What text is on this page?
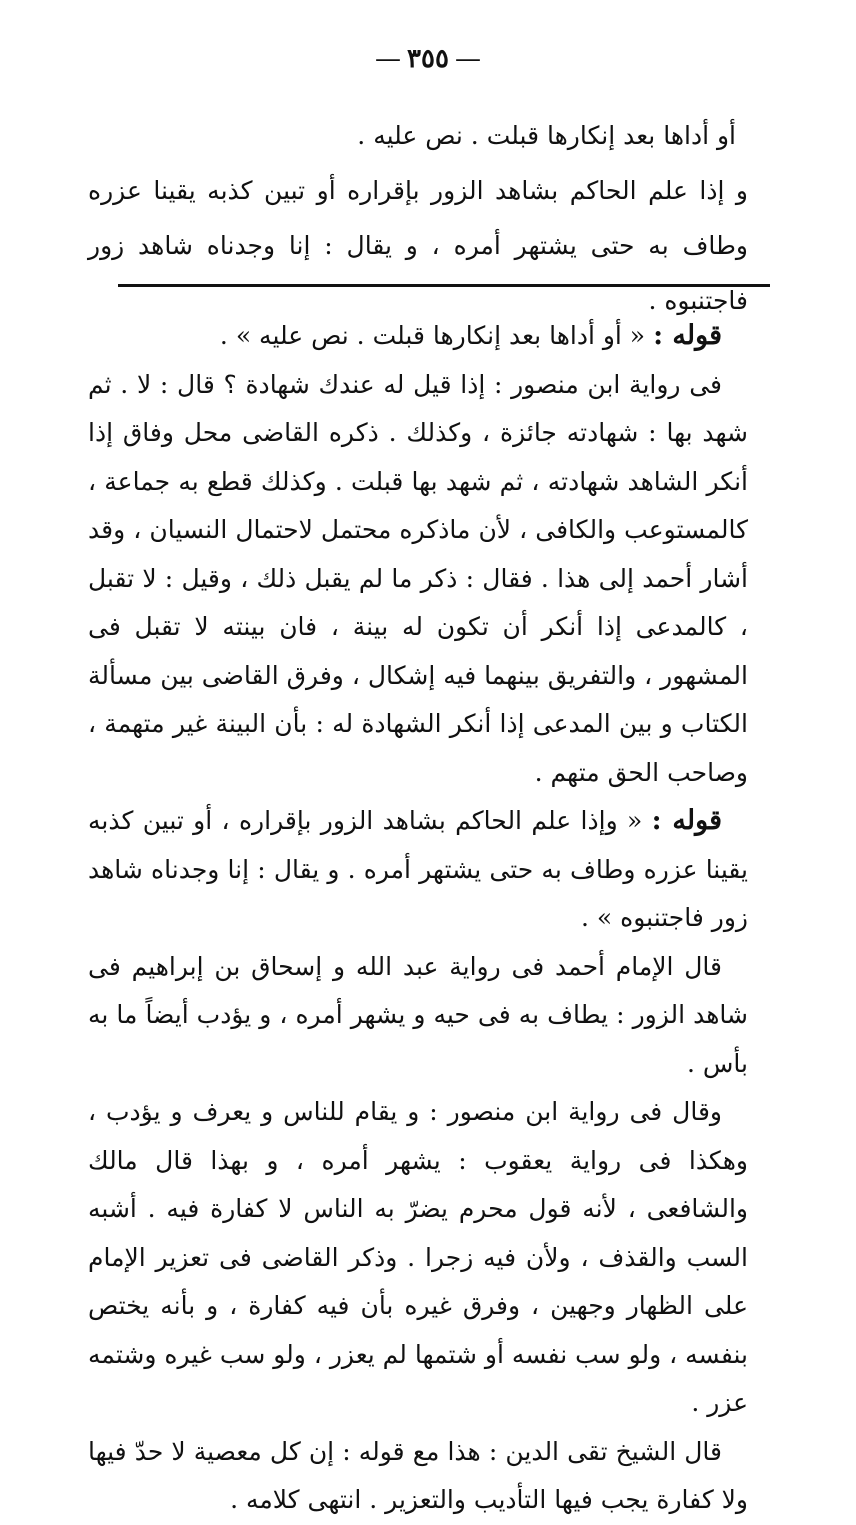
—٣٥٥—

أو أداها بعد إنكارها قبلت . نص عليه .

و إذا علم الحاكم بشاهد الزور بإقراره أو تبين كذبه يقينا عزره وطاف به حتى يشتهر أمره ، و يقال : إنا وجدناه شاهد زور فاجتنبوه .

قوله : « أو أداها بعد إنكارها قبلت . نص عليه » .

فى رواية ابن منصور : إذا قيل له عندك شهادة ؟ قال : لا . ثم شهد بها : شهادته جائزة ، وكذلك . ذكره القاضى محل وفاق إذا أنكر الشاهد شهادته ، ثم شهد بها قبلت . وكذلك قطع به جماعة ، كالمستوعب والكافى ، لأن ماذكره محتمل لاحتمال النسيان ، وقد أشار أحمد إلى هذا . فقال : ذكر ما لم يقبل ذلك ، وقيل : لا تقبل ، كالمدعى إذا أنكر أن تكون له بينة ، فان بينته لا تقبل فى المشهور ، والتفريق بينهما فيه إشكال ، وفرق القاضى بين مسألة الكتاب و بين المدعى إذا أنكر الشهادة له : بأن البينة غير متهمة ، وصاحب الحق متهم .

قوله : « وإذا علم الحاكم بشاهد الزور بإقراره ، أو تبين كذبه يقينا عزره وطاف به حتى يشتهر أمره . و يقال : إنا وجدناه شاهد زور فاجتنبوه » .

قال الإمام أحمد فى رواية عبد الله و إسحاق بن إبراهيم فى شاهد الزور : يطاف به فى حيه و يشهر أمره ، و يؤدب أيضاً ما به بأس .

وقال فى رواية ابن منصور : و يقام للناس و يعرف و يؤدب ، وهكذا فى رواية يعقوب : يشهر أمره ، و بهذا قال مالك والشافعى ، لأنه قول محرم يضرّ به الناس لا كفارة فيه . أشبه السب والقذف ، ولأن فيه زجرا . وذكر القاضى فى تعزير الإمام على الظهار وجهين ، وفرق غيره بأن فيه كفارة ، و بأنه يختص بنفسه ، ولو سب نفسه أو شتمها لم يعزر ، ولو سب غيره وشتمه عزر .

قال الشيخ تقى الدين : هذا مع قوله : إن كل معصية لا حدّ فيها ولا كفارة يجب فيها التأديب والتعزير . انتهى كلامه .
